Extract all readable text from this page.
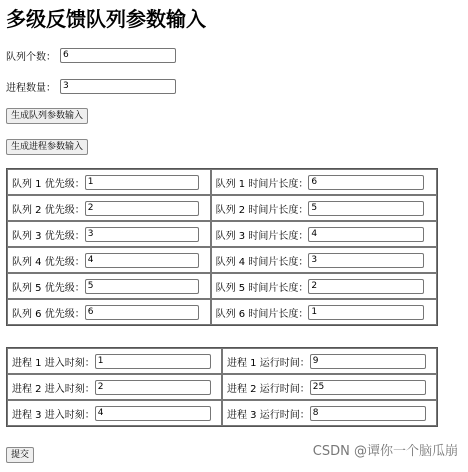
多级反馈队列参数输入
队列个数：
6
进程数量：
3
生成队列参数输入
生成进程参数输入
队列 1 优先级：
1	队列 1 时间片长度：
6

队列 2 优先级：
2	队列 2 时间片长度：
5

队列 3 优先级：
3	队列 3 时间片长度：
4

队列 4 优先级：
4	队列 4 时间片长度：
3

队列 5 优先级：
5	队列 5 时间片长度：
2

队列 6 优先级：
6	队列 6 时间片长度：
1
进程 1 进入时刻：
1	进程 1 运行时间：
9

进程 2 进入时刻：
2	进程 2 运行时间：
25

进程 3 进入时刻：
4	进程 3 运行时间：
8
提交	CSDN @谭你一个脑瓜崩
